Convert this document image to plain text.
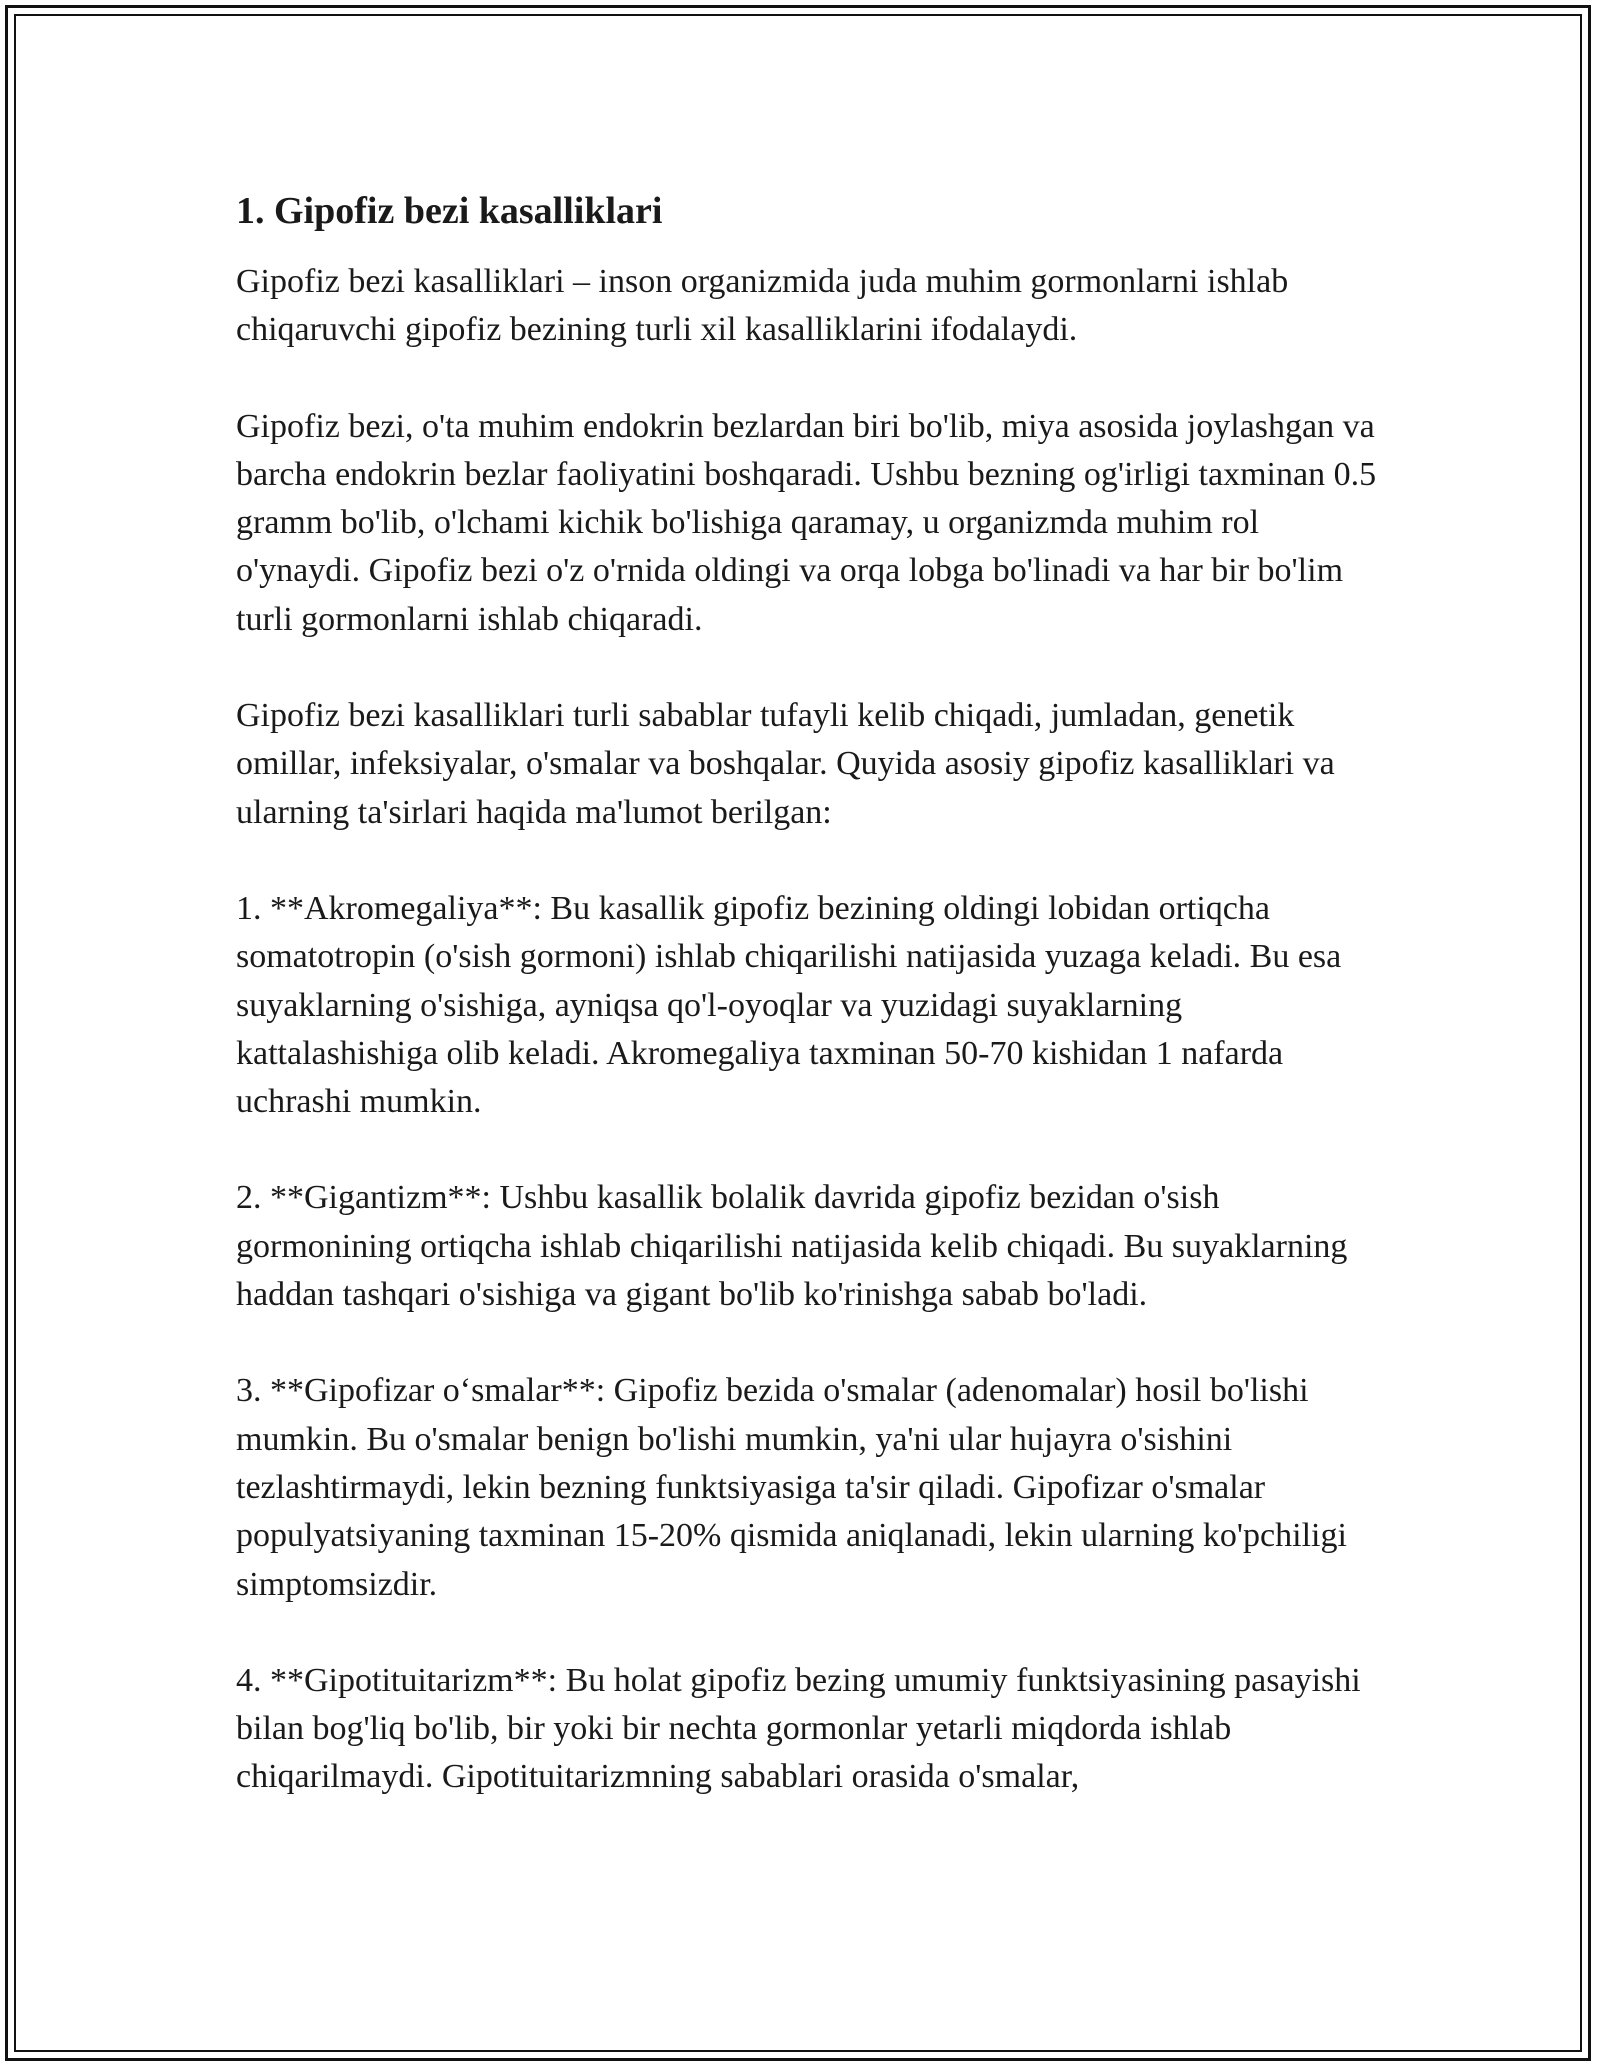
1. Gipofiz bezi kasalliklari

Gipofiz bezi kasalliklari – inson organizmida juda muhim gormonlarni ishlab chiqaruvchi gipofiz bezining turli xil kasalliklarini ifodalaydi.

Gipofiz bezi, o'ta muhim endokrin bezlardan biri bo'lib, miya asosida joylashgan va barcha endokrin bezlar faoliyatini boshqaradi. Ushbu bezning og'irligi taxminan 0.5 gramm bo'lib, o'lchami kichik bo'lishiga qaramay, u organizmda muhim rol o'ynaydi. Gipofiz bezi o'z o'rnida oldingi va orqa lobga bo'linadi va har bir bo'lim turli gormonlarni ishlab chiqaradi.

Gipofiz bezi kasalliklari turli sabablar tufayli kelib chiqadi, jumladan, genetik omillar, infeksiyalar, o'smalar va boshqalar. Quyida asosiy gipofiz kasalliklari va ularning ta'sirlari haqida ma'lumot berilgan:

1. **Akromegaliya**: Bu kasallik gipofiz bezining oldingi lobidan ortiqcha somatotropin (o'sish gormoni) ishlab chiqarilishi natijasida yuzaga keladi. Bu esa suyaklarning o'sishiga, ayniqsa qo'l-oyoqlar va yuzidagi suyaklarning kattalashishiga olib keladi. Akromegaliya taxminan 50-70 kishidan 1 nafarda uchrashi mumkin.

2. **Gigantizm**: Ushbu kasallik bolalik davrida gipofiz bezidan o'sish gormonining ortiqcha ishlab chiqarilishi natijasida kelib chiqadi. Bu suyaklarning haddan tashqari o'sishiga va gigant bo'lib ko'rinishga sabab bo'ladi.

3. **Gipofizar o‘smalar**: Gipofiz bezida o'smalar (adenomalar) hosil bo'lishi mumkin. Bu o'smalar benign bo'lishi mumkin, ya'ni ular hujayra o'sishini tezlashtirmaydi, lekin bezning funktsiyasiga ta'sir qiladi. Gipofizar o'smalar populyatsiyaning taxminan 15-20% qismida aniqlanadi, lekin ularning ko'pchiligi simptomsizdir.

4. **Gipotituitarizm**: Bu holat gipofiz bezing umumiy funktsiyasining pasayishi bilan bog'liq bo'lib, bir yoki bir nechta gormonlar yetarli miqdorda ishlab chiqarilmaydi. Gipotituitarizmning sabablari orasida o'smalar,
